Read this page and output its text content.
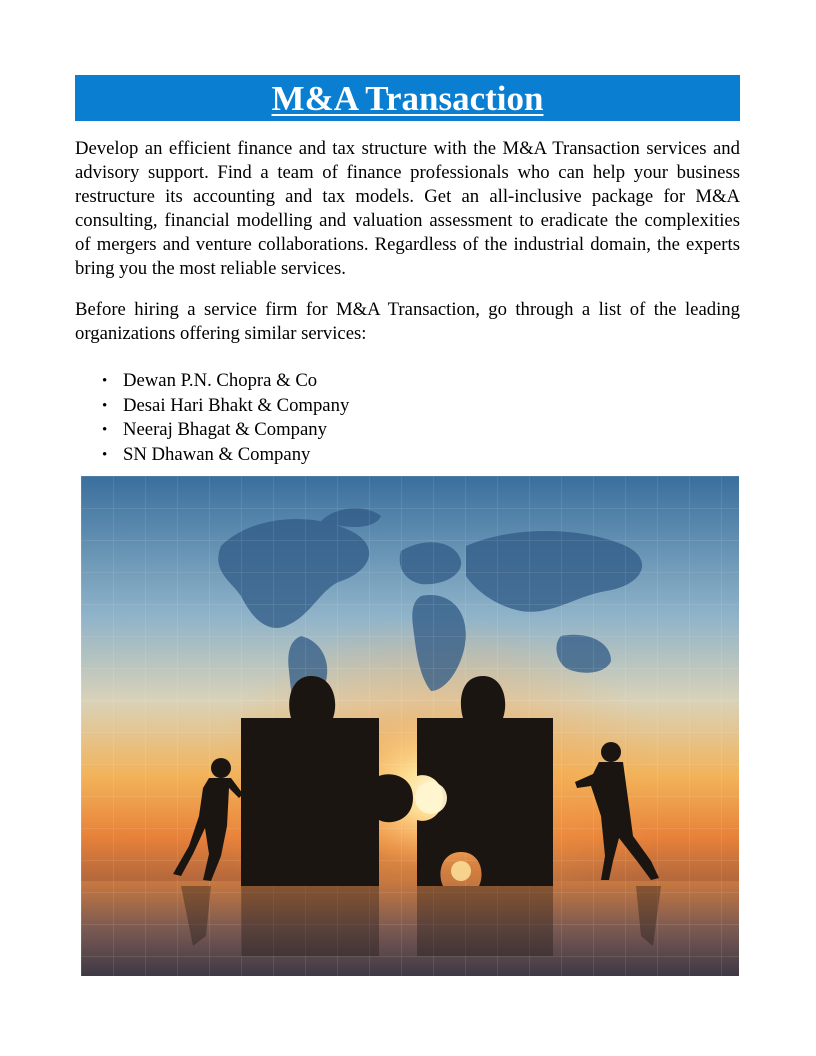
M&A Transaction

Develop an efficient finance and tax structure with the M&A Transaction services and advisory support. Find a team of finance professionals who can help your business restructure its accounting and tax models. Get an all-inclusive package for M&A consulting, financial modelling and valuation assessment to eradicate the complexities of mergers and venture collaborations. Regardless of the industrial domain, the experts bring you the most reliable services.

Before hiring a service firm for M&A Transaction, go through a list of the leading organizations offering similar services:

• Dewan P.N. Chopra & Co
• Desai Hari Bhakt & Company
• Neeraj Bhagat & Company
• SN Dhawan & Company
